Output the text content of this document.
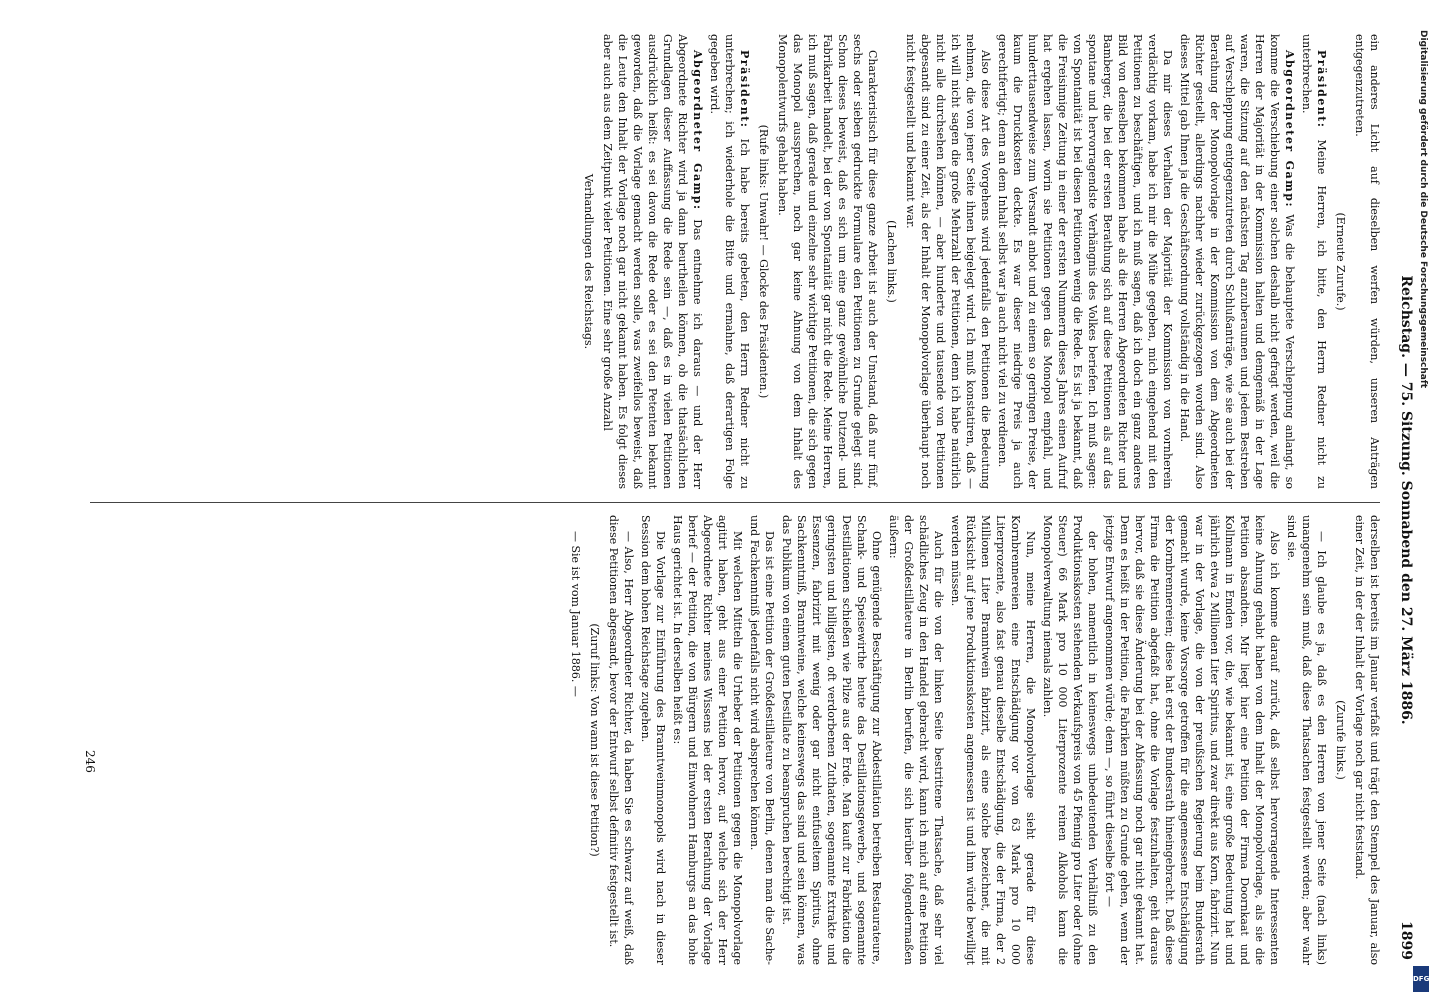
Reichstag. — 75. Sitzung. Sonnabend den 27. März 1886.
1899

ein anderes Licht auf dieselben werfen würden, unseren Anträgen entgegenzutreten.

(Erneute Zurufe.)

Präsident: Meine Herren, ich bitte, den Herrn Redner nicht zu unterbrechen.

Abgeordneter Gamp: Was die behauptete Verschleppung anlangt, so komme die Verschiebung einer solchen deshalb nicht gefragt werden, weil die Herren der Majorität in der Kommission halten und demgemäß in der Lage waren, die Sitzung auf den nächsten Tag anzuberaumen und jedem Bestreben auf Verschleppung entgegenzutreten durch Schlußanträge, wie sie auch bei der Berathung der Monopolvorlage in der Kommission von dem Abgeordneten Richter gestellt, allerdings nachher wieder zurückgezogen worden sind. Also dieses Mittel gab Ihnen ja die Geschäftsordnung vollständig in die Hand.

Da mir dieses Verhalten der Majorität der Kommission von vornherein verdächtig vorkam, habe ich mir die Mühe gegeben, mich eingehend mit den Petitionen zu beschäftigen, und ich muß sagen, daß ich doch ein ganz anderes Bild von denselben bekommen habe als die Herren Abgeordneten Richter und Bamberger, die bei der ersten Berathung sich auf diese Petitionen als auf das spontane und hervorragendste Verhängnis des Volkes beriefen. Ich muß sagen: von Spontanität ist bei diesen Petitionen wenig die Rede. Es ist ja bekannt, daß die Freisinnige Zeitung in einer der ersten Nummern dieses Jahres einen Aufruf hat ergehen lassen, worin sie Petitionen gegen das Monopol empfahl, und hunderttausendweise zum Versandt anbot und zu einem so geringen Preise, der kaum die Druckkosten deckte. Es war dieser niedrige Preis ja auch gerechtfertigt; denn an dem Inhalt selbst war ja auch nicht viel zu verdienen.

Also diese Art des Vorgehens wird jedenfalls den Petitionen die Bedeutung nehmen, die von jener Seite ihnen beigelegt wird. Ich muß konstatiren, daß — ich will nicht sagen die große Mehrzahl der Petitionen, denn ich habe natürlich nicht alle durchsehen können, — aber hunderte und tausende von Petitionen abgesandt sind zu einer Zeit, als der Inhalt der Monopolvorlage überhaupt noch nicht festgestellt und bekannt war.

(Lachen links.)

Charakteristisch für diese ganze Arbeit ist auch der Umstand, daß nur fünf, sechs oder sieben gedruckte Formulare den Petitionen zu Grunde gelegt sind. Schon dieses beweist, daß es sich um eine ganz gewöhnliche Dutzend- und Fabrikarbeit handelt, bei der von Spontanität gar nicht die Rede. Meine Herren, ich muß sagen, daß gerade und einzelne sehr wichtige Petitionen, die sich gegen das Monopol aussprechen, noch gar keine Ahnung von dem Inhalt des Monopolentwurfs gehabt haben.

(Rufe links: Unwahr! — Glocke des Präsidenten.)

Präsident: Ich habe bereits gebeten, den Herrn Redner nicht zu unterbrechen; ich wiederhole die Bitte und ermahne, daß derartigen Folge gegeben wird.

Abgeordneter Gamp: Das entnehme ich daraus — und der Herr Abgeordnete Richter wird ja dann beurtheilen können, ob die thatsächlichen Grundlagen dieser Auffassung die Rede sein —, daß es in vielen Petitionen ausdrücklich heißt: es sei davon die Rede oder es sei den Petenten bekannt geworden, daß die Vorlage gemacht werden solle, was zweifellos beweist, daß die Leute den Inhalt der Vorlage noch gar nicht gekannt haben. Es folgt dieses aber auch aus dem Zeitpunkt vieler Petitionen. Eine sehr große Anzahl

Verhandlungen des Reichstags.

derselben ist bereits im Januar verfaßt und trägt den Stempel des Januar, also einer Zeit, in der der Inhalt der Vorlage noch gar nicht feststand.

(Zurufe links.)

— Ich glaube es ja, daß es den Herren von jener Seite (nach links) unangenehm sein muß, daß diese Thatsachen festgestellt werden; aber wahr sind sie.

Also ich komme darauf zurück, daß selbst hervorragende Interessenten keine Ahnung gehabt haben von dem Inhalt der Monopolvorlage, als sie die Petition absandten. Mir liegt hier eine Petition der Firma Doornkaat und Kollmann in Emden vor, die, wie bekannt ist, eine große Bedeutung hat und jährlich etwa 2 Millionen Liter Spiritus, und zwar direkt aus Korn, fabrizirt. Nun war in der Vorlage, die von der preußischen Regierung beim Bundesrath gemacht wurde, keine Vorsorge getroffen für die angemessene Entschädigung der Kornbrennereien; diese hat erst der Bundesrath hineingebracht. Daß diese Firma die Petition abgefaßt hat, ohne die Vorlage festzuhalten, geht daraus hervor, daß sie diese Änderung bei der Abfassung noch gar nicht gekannt hat. Denn es heißt in der Petition, die Fabriken müßten zu Grunde gehen, wenn der jetzige Entwurf angenommen würde; denn —, so führt dieselbe fort —

der hohen, namentlich in keineswegs unbedeutenden Verhältniß zu den Produktionskosten stehenden Verkaufspreis von 45 Pfennig pro Liter oder (ohne Steuer) 66 Mark pro 10 000 Literprozente reinen Alkohols kann die Monopolverwaltung niemals zahlen.

Nun, meine Herren, die Monopolvorlage sieht gerade für diese Kornbrennereien eine Entschädigung vor von 63 Mark pro 10 000 Literprozente, also fast genau dieselbe Entschädigung, die der Firma, der 2 Millionen Liter Branntwein fabrizirt, als eine solche bezeichnet, die mit Rücksicht auf jene Produktionskosten angemessen ist und ihm würde bewilligt werden müssen.

Auch für die von der linken Seite bestrittene Thatsache, daß sehr viel schädliches Zeug in den Handel gebracht wird, kann ich mich auf eine Petition der Großdestillateure in Berlin berufen, die sich hierüber folgendermaßen äußern:

Ohne genügende Beschäftigung zur Abdestillation betreiben Restaurateure, Schank- und Speisewirthe heute das Destillationsgewerbe, und sogenannte Destillationen schießen wie Pilze aus der Erde. Man kauft zur Fabrikation die geringsten und billigsten, oft verdorbenen Zuthaten, sogenannte Extrakte und Essenzen, fabrizirt mit wenig oder gar nicht entfuseltem Spiritus, ohne Sachkenntniß, Branntweine, welche keineswegs das sind und sein können, was das Publikum von einem guten Destillate zu beanspruchen berechtigt ist.

Das ist eine Petition der Großdestillateure von Berlin, denen man die Sache- und Fachkenntniß jedenfalls nicht wird absprechen können.

Mit welchen Mitteln die Urheber der Petitionen gegen die Monopolvorlage agitirt haben, geht aus einer Petition hervor, auf welche sich der Herr Abgeordnete Richter meines Wissens bei der ersten Berathung der Vorlage berief — der Petition, die von Bürgern und Einwohnern Hamburgs an das hohe Haus gerichtet ist. In derselben heißt es:

Die Vorlage zur Einführung des Branntweinmonopols wird nach in dieser Session dem hohen Reichstage zugehen.

— Also, Herr Abgeordneter Richter, da haben Sie es schwarz auf weiß, daß diese Petitionen abgesandt, bevor der Entwurf selbst definitiv festgestellt ist.

(Zuruf links: Von wann ist diese Petition?)

— Sie ist vom Januar 1886. —

246
Digitalisierung gefördert durch die Deutsche Forschungsgemeinschaft
DFG
